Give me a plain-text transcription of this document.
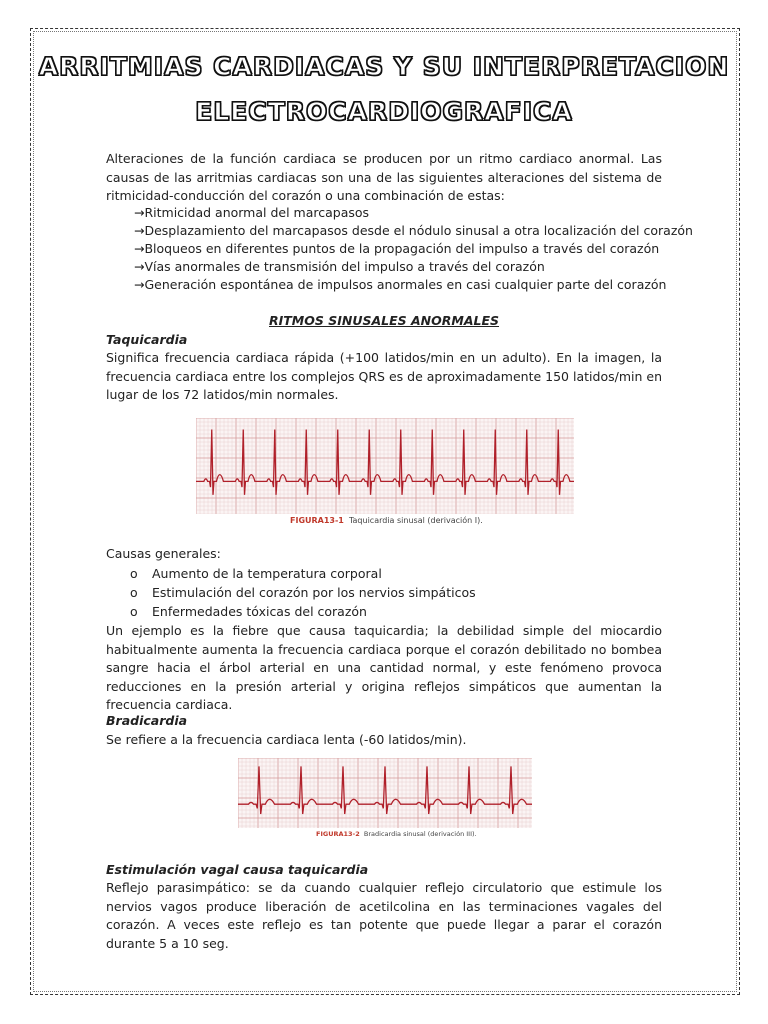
ARRITMIAS CARDIACAS Y SU INTERPRETACION
ELECTROCARDIOGRAFICA
Alteraciones de la función cardiaca se producen por un ritmo cardiaco anormal. Las causas de las arritmias cardiacas son una de las siguientes alteraciones del sistema de ritmicidad-conducción del corazón o una combinación de estas:
→Ritmicidad anormal del marcapasos
→Desplazamiento del marcapasos desde el nódulo sinusal a otra localización del corazón
→Bloqueos en diferentes puntos de la propagación del impulso a través del corazón
→Vías anormales de transmisión del impulso a través del corazón
→Generación espontánea de impulsos anormales en casi cualquier parte del corazón
RITMOS SINUSALES ANORMALES
Taquicardia
Significa frecuencia cardiaca rápida (+100 latidos/min en un adulto). En la imagen, la frecuencia cardiaca entre los complejos QRS es de aproximadamente 150 latidos/min en lugar de los 72 latidos/min normales.
FIGURA13-1 Taquicardia sinusal (derivación I).
Causas generales:
o Aumento de la temperatura corporal
o Estimulación del corazón por los nervios simpáticos
o Enfermedades tóxicas del corazón
Un ejemplo es la fiebre que causa taquicardia; la debilidad simple del miocardio habitualmente aumenta la frecuencia cardiaca porque el corazón debilitado no bombea sangre hacia el árbol arterial en una cantidad normal, y este fenómeno provoca reducciones en la presión arterial y origina reflejos simpáticos que aumentan la frecuencia cardiaca.
Bradicardia
Se refiere a la frecuencia cardiaca lenta (-60 latidos/min).
FIGURA13-2 Bradicardia sinusal (derivación III).
Estimulación vagal causa taquicardia
Reflejo parasimpático: se da cuando cualquier reflejo circulatorio que estimule los nervios vagos produce liberación de acetilcolina en las terminaciones vagales del corazón. A veces este reflejo es tan potente que puede llegar a parar el corazón durante 5 a 10 seg.
